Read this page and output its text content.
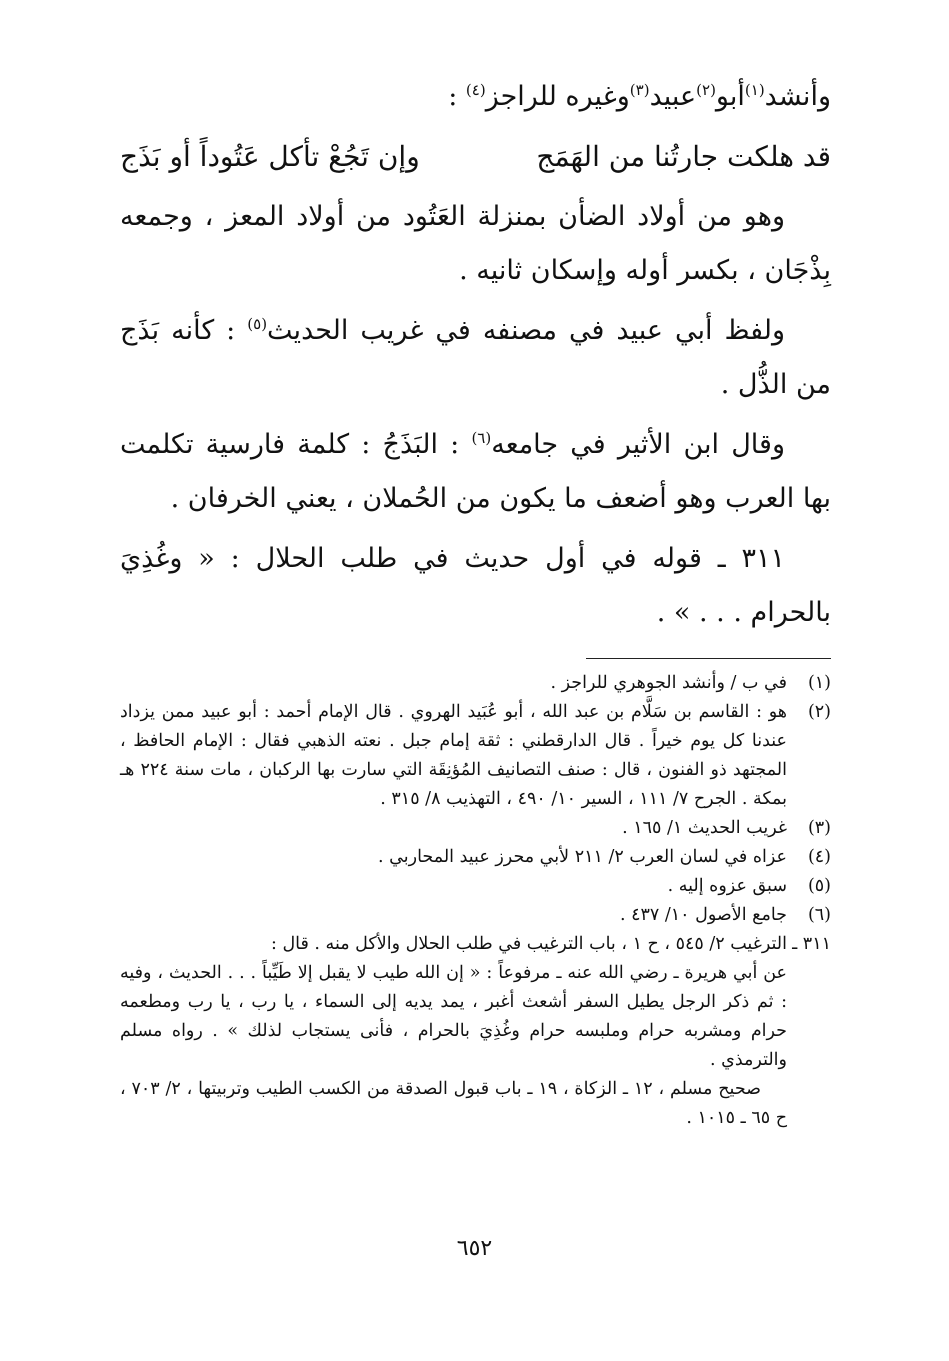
وأنشد$^{(١)}$أبو$^{(٢)}$عبيد$^{(٣)}$وغيره للراجز$^{(٤)}$ :

قد هلكت جارتُنا من الهَمَج
وإن تَجُعْ تأكل عَتُوداً أو بَذَج

وهو من أولاد الضأن بمنزلة العَتُود من أولاد المعز ، وجمعه بِذْجَان ، بكسر أوله وإسكان ثانيه .

ولفظ أبي عبيد في مصنفه في غريب الحديث$^{(٥)}$ : كأنه بَذَج من الذُّل .

وقال ابن الأثير في جامعه$^{(٦)}$ : البَذَجُ : كلمة فارسية تكلمت بها العرب وهو أضعف ما يكون من الحُملان ، يعني الخرفان .

٣١١ ـ قوله في أول حديث في طلب الحلال : « وغُذِيَ بالحرام . . . » .

(١)

في ب / وأنشد الجوهري للراجز .

(٢)

هو : القاسم بن سَلَّام بن عبد الله ، أبو عُبَيد الهروي . قال الإمام أحمد : أبو عبيد ممن يزداد عندنا كل يوم خيراً . قال الدارقطني : ثقة إمام جبل . نعته الذهبي فقال : الإمام الحافظ ، المجتهد ذو الفنون ، قال : صنف التصانيف المُؤنِقَة التي سارت بها الركبان ، مات سنة ٢٢٤ هـ بمكة . الجرح ٧/ ١١١ ، السير ١٠/ ٤٩٠ ، التهذيب ٨/ ٣١٥ .

(٣)

غريب الحديث ١/ ١٦٥ .

(٤)

عزاه في لسان العرب ٢/ ٢١١ لأبي محرز عبيد المحاربي .

(٥)

سبق عزوه إليه .

(٦)

جامع الأصول ١٠/ ٤٣٧ .

٣١١ ـ

الترغيب ٢/ ٥٤٥ ، ح ١ ، باب الترغيب في طلب الحلال والأكل منه . قال :

عن أبي هريرة ـ رضي الله عنه ـ مرفوعاً : « إن الله طيب لا يقبل إلا طَيِّباً . . . الحديث ، وفيه : ثم ذكر الرجل يطيل السفر أشعث أغبر ، يمد يديه إلى السماء ، يا رب ، يا رب ومطعمه حرام ومشربه حرام وملبسه حرام وغُذِيَ بالحرام ، فأنى يستجاب لذلك » . رواه مسلم والترمذي .

صحيح مسلم ، ١٢ ـ الزكاة ، ١٩ ـ باب قبول الصدقة من الكسب الطيب وتربيتها ، ٢/ ٧٠٣ ، ح ٦٥ ـ ١٠١٥ .

٦٥٢
